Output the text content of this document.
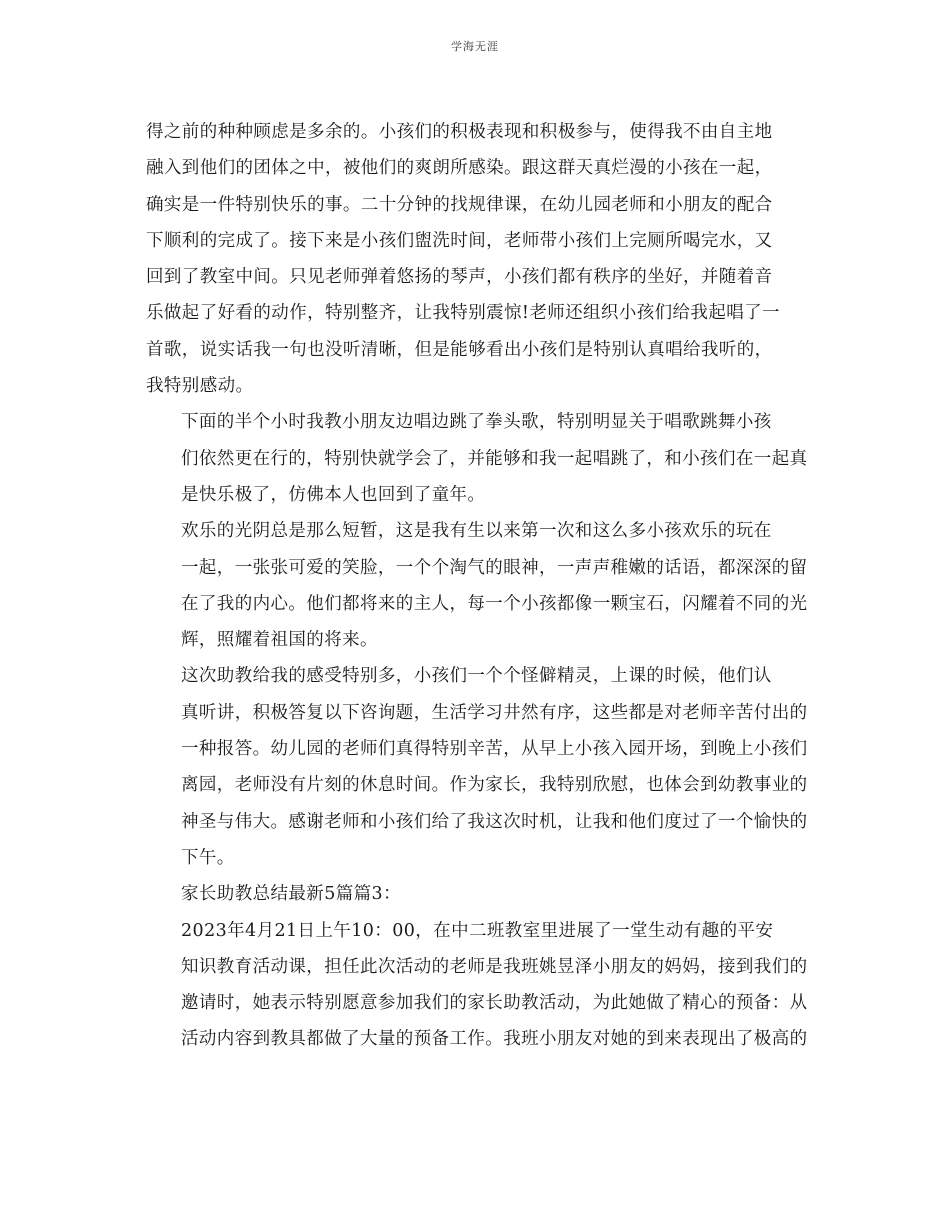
学海无涯

得之前的种种顾虑是多余的。小孩们的积极表现和积极参与，使得我不由自主地
融入到他们的团体之中，被他们的爽朗所感染。跟这群天真烂漫的小孩在一起，
确实是一件特别快乐的事。二十分钟的找规律课，在幼儿园老师和小朋友的配合
下顺利的完成了。接下来是小孩们盥洗时间，老师带小孩们上完厕所喝完水，又
回到了教室中间。只见老师弹着悠扬的琴声，小孩们都有秩序的坐好，并随着音
乐做起了好看的动作，特别整齐，让我特别震惊!老师还组织小孩们给我起唱了一
首歌，说实话我一句也没听清晰，但是能够看出小孩们是特别认真唱给我听的，
我特别感动。

下面的半个小时我教小朋友边唱边跳了拳头歌，特别明显关于唱歌跳舞小孩
们依然更在行的，特别快就学会了，并能够和我一起唱跳了，和小孩们在一起真
是快乐极了，仿佛本人也回到了童年。

欢乐的光阴总是那么短暂，这是我有生以来第一次和这么多小孩欢乐的玩在
一起，一张张可爱的笑脸，一个个淘气的眼神，一声声稚嫩的话语，都深深的留
在了我的内心。他们都将来的主人，每一个小孩都像一颗宝石，闪耀着不同的光
辉，照耀着祖国的将来。

这次助教给我的感受特别多，小孩们一个个怪僻精灵，上课的时候，他们认
真听讲，积极答复以下咨询题，生活学习井然有序，这些都是对老师辛苦付出的
一种报答。幼儿园的老师们真得特别辛苦，从早上小孩入园开场，到晚上小孩们
离园，老师没有片刻的休息时间。作为家长，我特别欣慰，也体会到幼教事业的
神圣与伟大。感谢老师和小孩们给了我这次时机，让我和他们度过了一个愉快的
下午。

家长助教总结最新5篇篇3：

2023年4月21日上午10：00，在中二班教室里进展了一堂生动有趣的平安
知识教育活动课，担任此次活动的老师是我班姚昱泽小朋友的妈妈，接到我们的
邀请时，她表示特别愿意参加我们的家长助教活动，为此她做了精心的预备：从
活动内容到教具都做了大量的预备工作。我班小朋友对她的到来表现出了极高的
